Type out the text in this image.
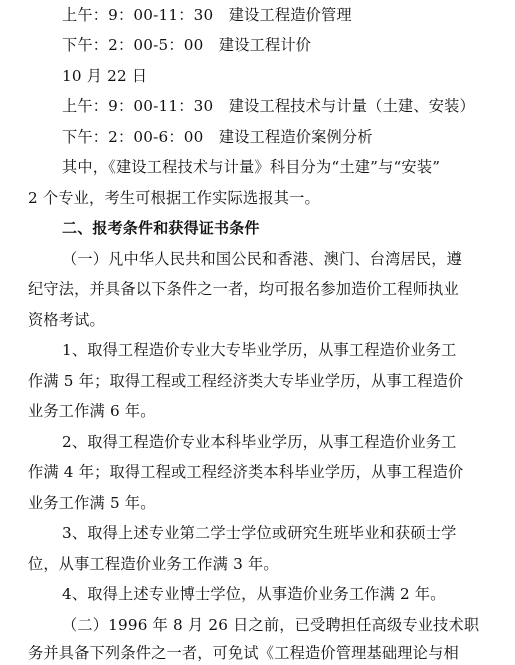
上午：9：00-11：30　建设工程造价管理
下午：2：00-5：00　建设工程计价
10 月 22 日
上午：9：00-11：30　建设工程技术与计量（土建、安装）
下午：2：00-6：00　建设工程造价案例分析
其中，《建设工程技术与计量》科目分为“土建”与“安装”
2 个专业，考生可根据工作实际选报其一。
二、报考条件和获得证书条件
（一）凡中华人民共和国公民和香港、澳门、台湾居民，遵
纪守法，并具备以下条件之一者，均可报名参加造价工程师执业
资格考试。
1、取得工程造价专业大专毕业学历，从事工程造价业务工
作满 5 年；取得工程或工程经济类大专毕业学历，从事工程造价
业务工作满 6 年。
2、取得工程造价专业本科毕业学历，从事工程造价业务工
作满 4 年；取得工程或工程经济类本科毕业学历，从事工程造价
业务工作满 5 年。
3、取得上述专业第二学士学位或研究生班毕业和获硕士学
位，从事工程造价业务工作满 3 年。
4、取得上述专业博士学位，从事造价业务工作满 2 年。
（二）1996 年 8 月 26 日之前，已受聘担任高级专业技术职
务并具备下列条件之一者，可免试《工程造价管理基础理论与相
